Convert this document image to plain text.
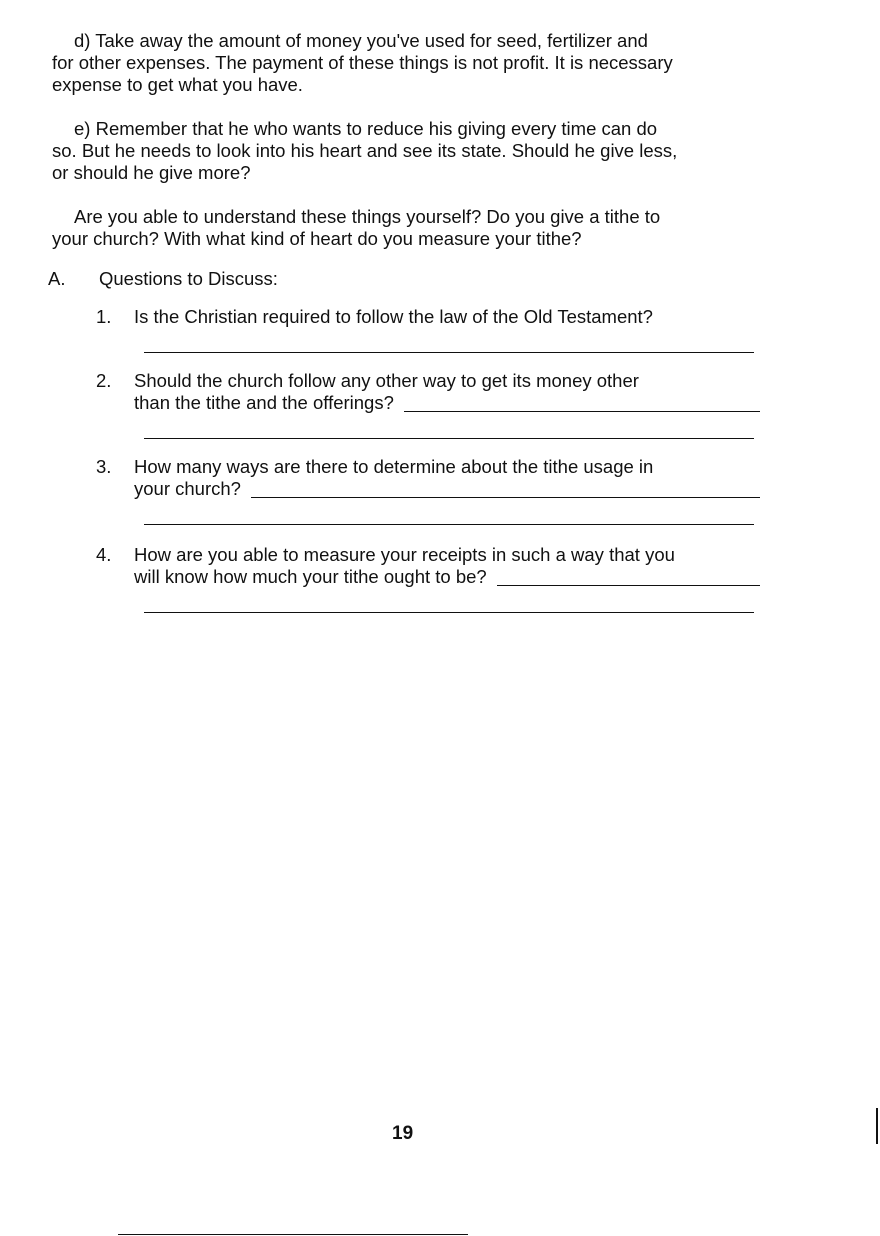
d) Take away the amount of money you've used for seed, fertilizer and
for other expenses. The payment of these things is not profit. It is necessary
expense to get what you have.

e) Remember that he who wants to reduce his giving every time can do
so. But he needs to look into his heart and see its state. Should he give less,
or should he give more?

Are you able to understand these things yourself? Do you give a tithe to
your church? With what kind of heart do you measure your tithe?

A. Questions to Discuss:
1.	Is the Christian required to follow the law of the Old Testament?
2.	Should the church follow any other way to get its money other
than the tithe and the offerings?
3.	How many ways are there to determine about the tithe usage in
your church?
4.	How are you able to measure your receipts in such a way that you
will know how much your tithe ought to be?
19
